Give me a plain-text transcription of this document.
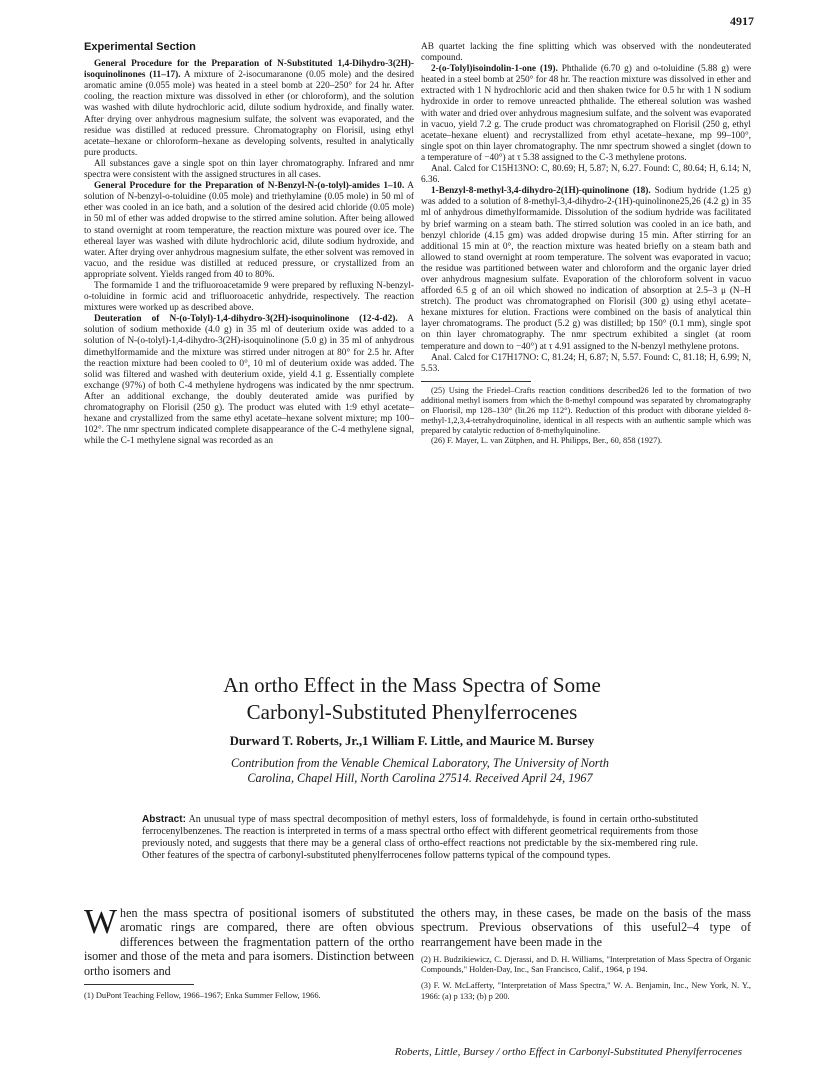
4917
Experimental Section

General Procedure for the Preparation of N-Substituted 1,4-Dihydro-3(2H)-isoquinolinones (11–17). A mixture of 2-isocumaranone (0.05 mole) and the desired aromatic amine (0.055 mole) was heated in a steel bomb at 220–250° for 24 hr. After cooling, the reaction mixture was dissolved in ether (or chloroform), and the solution was washed with dilute hydrochloric acid, dilute sodium hydroxide, and finally water. After drying over anhydrous magnesium sulfate, the solvent was evaporated, and the residue was distilled at reduced pressure. Chromatography on Florisil, using ethyl acetate–hexane or chloroform–hexane as developing solvents, resulted in analytically pure products.

All substances gave a single spot on thin layer chromatography. Infrared and nmr spectra were consistent with the assigned structures in all cases.

General Procedure for the Preparation of N-Benzyl-N-(o-tolyl)-amides 1–10. A solution of N-benzyl-o-toluidine (0.05 mole) and triethylamine (0.05 mole) in 50 ml of ether was cooled in an ice bath, and a solution of the desired acid chloride (0.05 mole) in 50 ml of ether was added dropwise to the stirred amine solution. After being allowed to stand overnight at room temperature, the reaction mixture was poured over ice. The ethereal layer was washed with dilute hydrochloric acid, dilute sodium hydroxide, and water. After drying over anhydrous magnesium sulfate, the ether solvent was removed in vacuo, and the residue was distilled at reduced pressure, or crystallized from an appropriate solvent. Yields ranged from 40 to 80%.

The formamide 1 and the trifluoroacetamide 9 were prepared by refluxing N-benzyl-o-toluidine in formic acid and trifluoroacetic anhydride, respectively. The reaction mixtures were worked up as described above.

Deuteration of N-(o-Tolyl)-1,4-dihydro-3(2H)-isoquinolinone (12-4-d2). A solution of sodium methoxide (4.0 g) in 35 ml of deuterium oxide was added to a solution of N-(o-tolyl)-1,4-dihydro-3(2H)-isoquinolinone (5.0 g) in 35 ml of anhydrous dimethylformamide and the mixture was stirred under nitrogen at 80° for 2.5 hr. After the reaction mixture had been cooled to 0°, 10 ml of deuterium oxide was added. The solid was filtered and washed with deuterium oxide, yield 4.1 g. Essentially complete exchange (97%) of both C-4 methylene hydrogens was indicated by the nmr spectrum. After an additional exchange, the doubly deuterated amide was purified by chromatography on Florisil (250 g). The product was eluted with 1:9 ethyl acetate–hexane and crystallized from the same ethyl acetate–hexane solvent mixture; mp 100–102°. The nmr spectrum indicated complete disappearance of the C-4 methylene signal, while the C-1 methylene signal was recorded as an

AB quartet lacking the fine splitting which was observed with the nondeuterated compound.

2-(o-Tolyl)isoindolin-1-one (19). Phthalide (6.70 g) and o-toluidine (5.88 g) were heated in a steel bomb at 250° for 48 hr. The reaction mixture was dissolved in ether and extracted with 1 N hydrochloric acid and then shaken twice for 0.5 hr with 1 N sodium hydroxide in order to remove unreacted phthalide. The ethereal solution was washed with water and dried over anhydrous magnesium sulfate, and the solvent was evaporated in vacuo, yield 7.2 g. The crude product was chromatographed on Florisil (250 g, ethyl acetate–hexane eluent) and recrystallized from ethyl acetate–hexane, mp 99–100°, single spot on thin layer chromatography. The nmr spectrum showed a singlet (down to a temperature of −40°) at τ 5.38 assigned to the C-3 methylene protons.

Anal. Calcd for C15H13NO: C, 80.69; H, 5.87; N, 6.27. Found: C, 80.64; H, 6.14; N, 6.36.

1-Benzyl-8-methyl-3,4-dihydro-2(1H)-quinolinone (18). Sodium hydride (1.25 g) was added to a solution of 8-methyl-3,4-dihydro-2-(1H)-quinolinone25,26 (4.2 g) in 35 ml of anhydrous dimethylformamide. Dissolution of the sodium hydride was facilitated by brief warming on a steam bath. The stirred solution was cooled in an ice bath, and benzyl chloride (4.15 gm) was added dropwise during 15 min. After stirring for an additional 15 min at 0°, the reaction mixture was heated briefly on a steam bath and allowed to stand overnight at room temperature. The solvent was evaporated in vacuo; the residue was partitioned between water and chloroform and the organic layer dried over anhydrous magnesium sulfate. Evaporation of the chloroform solvent in vacuo afforded 6.5 g of an oil which showed no indication of absorption at 2.5–3 μ (N–H stretch). The product was chromatographed on Florisil (300 g) using ethyl acetate–hexane mixtures for elution. Fractions were combined on the basis of analytical thin layer chromatograms. The product (5.2 g) was distilled; bp 150° (0.1 mm), single spot on thin layer chromatography. The nmr spectrum exhibited a singlet (at room temperature and down to −40°) at τ 4.91 assigned to the N-benzyl methylene protons.

Anal. Calcd for C17H17NO: C, 81.24; H, 6.87; N, 5.57. Found: C, 81.18; H, 6.99; N, 5.53.

(25) Using the Friedel–Crafts reaction conditions described26 led to the formation of two additional methyl isomers from which the 8-methyl compound was separated by chromatography on Fluorisil, mp 128–130° (lit.26 mp 112°). Reduction of this product with diborane yielded 8-methyl-1,2,3,4-tetrahydroquinoline, identical in all respects with an authentic sample which was prepared by catalytic reduction of 8-methylquinoline.

(26) F. Mayer, L. van Zütphen, and H. Philipps, Ber., 60, 858 (1927).

An ortho Effect in the Mass Spectra of Some
Carbonyl-Substituted Phenylferrocenes
Durward T. Roberts, Jr.,1 William F. Little, and Maurice M. Bursey
Contribution from the Venable Chemical Laboratory, The University of North
Carolina, Chapel Hill, North Carolina 27514. Received April 24, 1967
Abstract: An unusual type of mass spectral decomposition of methyl esters, loss of formaldehyde, is found in certain ortho-substituted ferrocenylbenzenes. The reaction is interpreted in terms of a mass spectral ortho effect with different geometrical requirements from those previously noted, and suggests that there may be a general class of ortho-effect reactions not predictable by the six-membered ring rule. Other features of the spectra of carbonyl-substituted phenylferrocenes follow patterns typical of the compound types.
When the mass spectra of positional isomers of substituted aromatic rings are compared, there are often obvious differences between the fragmentation pattern of the ortho isomer and those of the meta and para isomers. Distinction between ortho isomers and
(1) DuPont Teaching Fellow, 1966–1967; Enka Summer Fellow, 1966.
the others may, in these cases, be made on the basis of the mass spectrum. Previous observations of this useful2–4 type of rearrangement have been made in the
(2) H. Budzikiewicz, C. Djerassi, and D. H. Williams, "Interpretation of Mass Spectra of Organic Compounds," Holden-Day, Inc., San Francisco, Calif., 1964, p 194.
(3) F. W. McLafferty, "Interpretation of Mass Spectra," W. A. Benjamin, Inc., New York, N. Y., 1966: (a) p 133; (b) p 200.
Roberts, Little, Bursey / ortho Effect in Carbonyl-Substituted Phenylferrocenes
